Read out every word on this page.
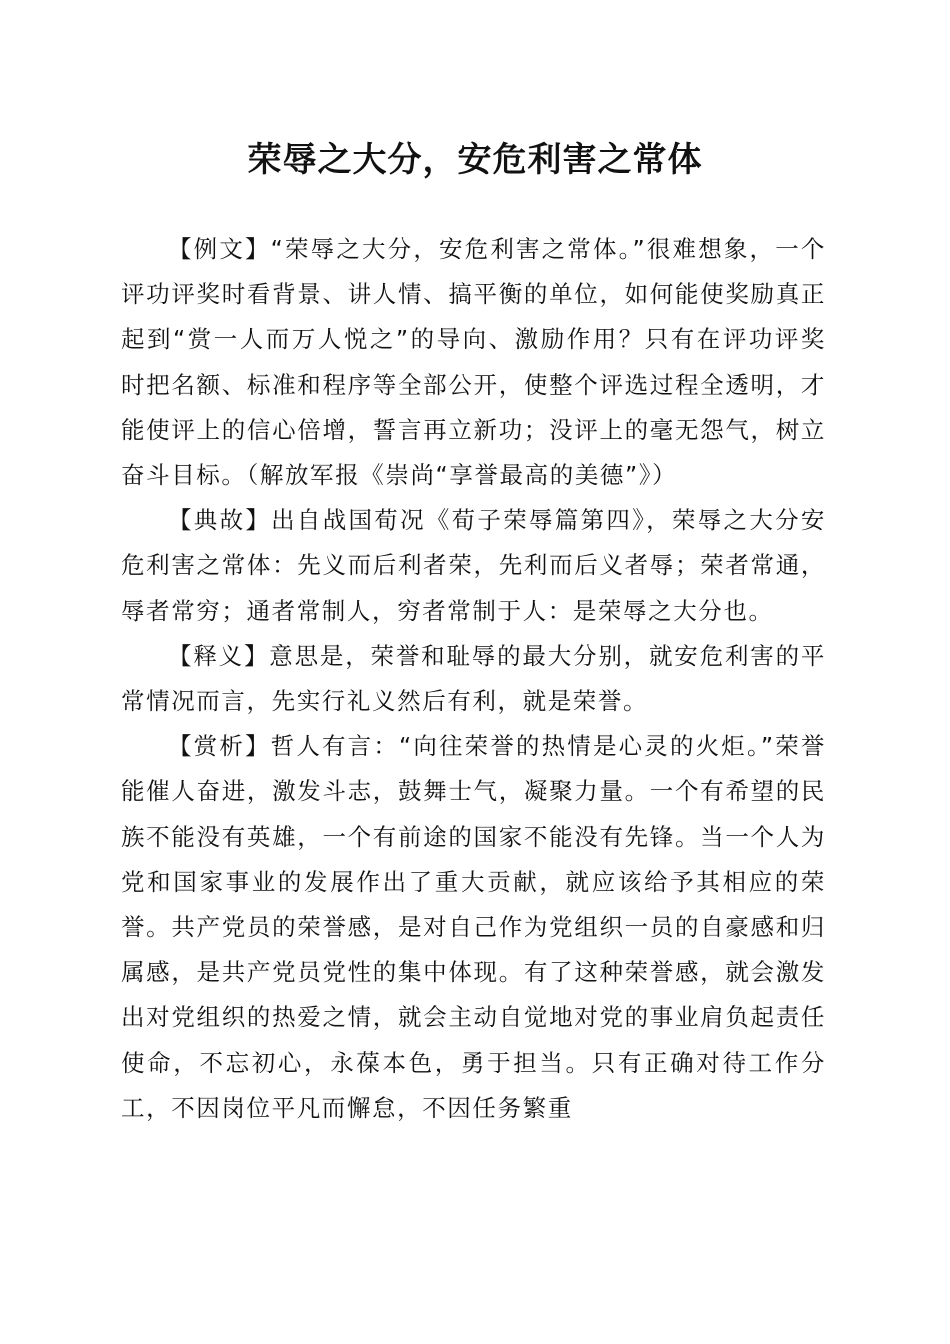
荣辱之大分，安危利害之常体

【例文】“荣辱之大分，安危利害之常体。”很难想象，一个评功评奖时看背景、讲人情、搞平衡的单位，如何能使奖励真正起到“赏一人而万人悦之”的导向、激励作用？只有在评功评奖时把名额、标准和程序等全部公开，使整个评选过程全透明，才能使评上的信心倍增，誓言再立新功；没评上的毫无怨气，树立奋斗目标。（解放军报《崇尚“享誉最高的美德”》）

【典故】出自战国荀况《荀子荣辱篇第四》，荣辱之大分安危利害之常体：先义而后利者荣，先利而后义者辱；荣者常通，辱者常穷；通者常制人，穷者常制于人：是荣辱之大分也。

【释义】意思是，荣誉和耻辱的最大分别，就安危利害的平常情况而言，先实行礼义然后有利，就是荣誉。

【赏析】哲人有言：“向往荣誉的热情是心灵的火炬。”荣誉能催人奋进，激发斗志，鼓舞士气，凝聚力量。一个有希望的民族不能没有英雄，一个有前途的国家不能没有先锋。当一个人为党和国家事业的发展作出了重大贡献，就应该给予其相应的荣誉。共产党员的荣誉感，是对自己作为党组织一员的自豪感和归属感，是共产党员党性的集中体现。有了这种荣誉感，就会激发出对党组织的热爱之情，就会主动自觉地对党的事业肩负起责任使命，不忘初心，永葆本色，勇于担当。只有正确对待工作分工，不因岗位平凡而懈怠，不因任务繁重
